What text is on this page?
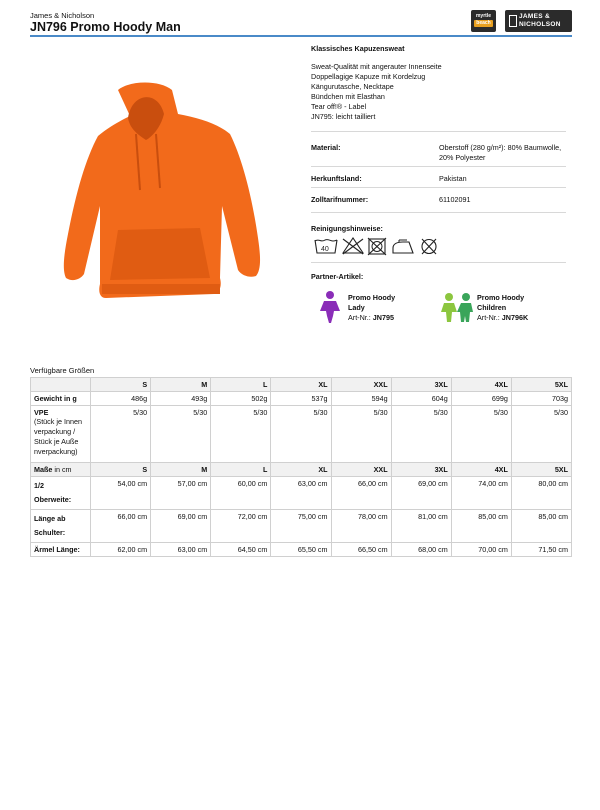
James & Nicholson
JN796 Promo Hoody Man
myrtle
beach
JAMES &
NICHOLSON
Klassisches Kapuzensweat
Sweat-Qualität mit angerauter Innenseite
Doppellagige Kapuze mit Kordelzug
Kängurutasche, Necktape
Bündchen mit Elasthan
Tear off!® - Label
JN795: leicht tailliert
Material:	Oberstoff (280 g/m²): 80% Baumwolle, 20% Polyester
Herkunftsland:	Pakistan
Zolltarifnummer:	61102091
Reinigungshinweise:
Partner-Artikel:
40
Promo Hoody
Lady
Art-Nr.: JN795
Promo Hoody
Children
Art-Nr.: JN796K
Verfügbare Größen
	S	M	L	XL	XXL	3XL	4XL	5XL
Gewicht in g	486g	493g	502g	537g	594g	604g	699g	703g

VPE
(Stück je Innen verpackung / Stück je Auße nverpackung)	5/30	5/30	5/30	5/30	5/30	5/30	5/30	5/30
Maße in cm	S	M	L	XL	XXL	3XL	4XL	5XL

1/2
Oberweite:	54,00 cm	57,00 cm	60,00 cm	63,00 cm	66,00 cm	69,00 cm	74,00 cm	80,00 cm

Länge ab
Schulter:	66,00 cm	69,00 cm	72,00 cm	75,00 cm	78,00 cm	81,00 cm	85,00 cm	85,00 cm
Ärmel Länge:	62,00 cm	63,00 cm	64,50 cm	65,50 cm	66,50 cm	68,00 cm	70,00 cm	71,50 cm
